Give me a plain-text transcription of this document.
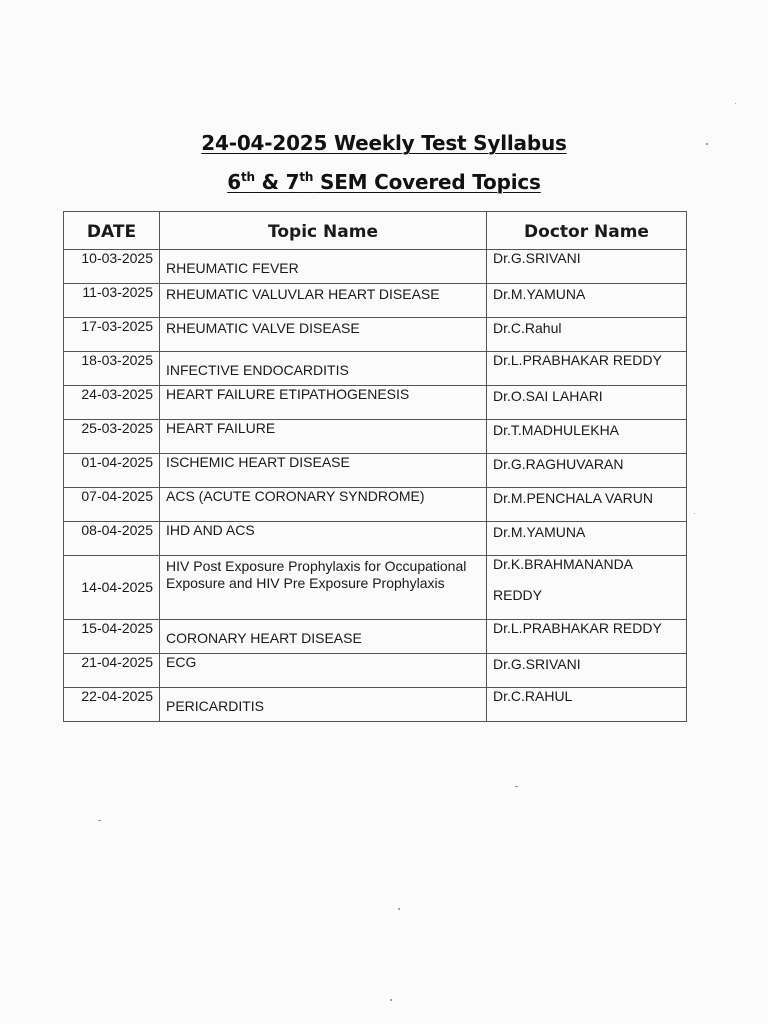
24-04-2025 Weekly Test Syllabus
6th & 7th SEM Covered Topics
DATE	Topic Name	Doctor Name
10-03-2025	RHEUMATIC FEVER	Dr.G.SRIVANI
11-03-2025	RHEUMATIC VALUVLAR HEART DISEASE	Dr.M.YAMUNA

17-03-2025	RHEUMATIC VALVE DISEASE	Dr.C.Rahul

18-03-2025	INFECTIVE ENDOCARDITIS	Dr.L.PRABHAKAR REDDY
24-03-2025	HEART FAILURE ETIPATHOGENESIS	Dr.O.SAI LAHARI

25-03-2025	HEART FAILURE	Dr.T.MADHULEKHA

01-04-2025	ISCHEMIC HEART DISEASE	Dr.G.RAGHUVARAN

07-04-2025	ACS (ACUTE CORONARY SYNDROME)	Dr.M.PENCHALA VARUN

08-04-2025	IHD AND ACS	Dr.M.YAMUNA

14-04-2025	HIV Post Exposure Prophylaxis for Occupational Exposure and HIV Pre Exposure Prophylaxis	Dr.K.BRAHMANANDA
REDDY

15-04-2025	CORONARY HEART DISEASE	Dr.L.PRABHAKAR REDDY
21-04-2025	ECG	Dr.G.SRIVANI

22-04-2025	PERICARDITIS	Dr.C.RAHUL
